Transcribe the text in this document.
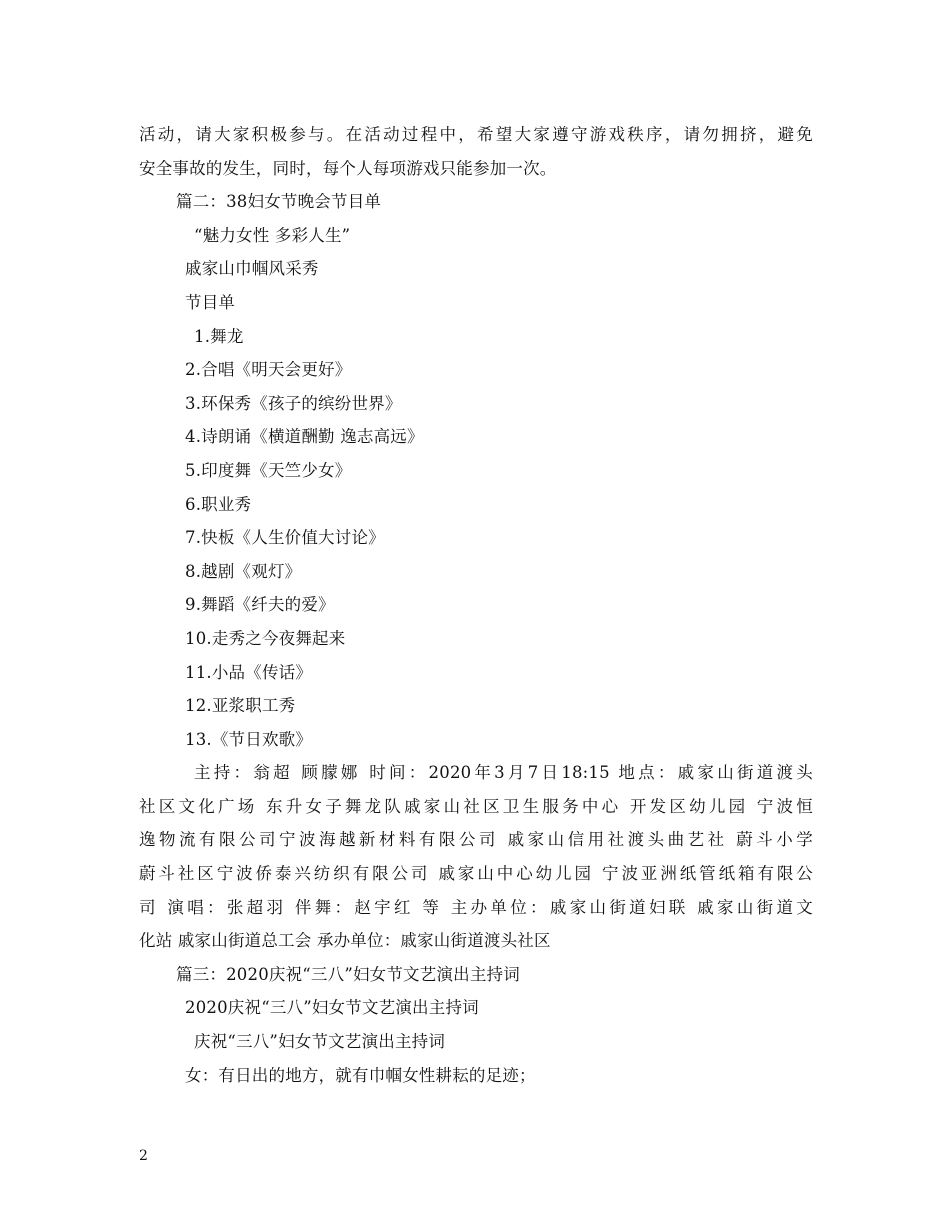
活动，请大家积极参与。在活动过程中，希望大家遵守游戏秩序，请勿拥挤，避免
安全事故的发生，同时，每个人每项游戏只能参加一次。
篇二：38妇女节晚会节目单
“魅力女性 多彩人生”
戚家山巾帼风采秀
节目单
1.舞龙
2.合唱《明天会更好》
3.环保秀《孩子的缤纷世界》
4.诗朗诵《横道酬勤 逸志高远》
5.印度舞《天竺少女》
6.职业秀
7.快板《人生价值大讨论》
8.越剧《观灯》
9.舞蹈《纤夫的爱》
10.走秀之今夜舞起来
11.小品《传话》
12.亚浆职工秀
13.《节日欢歌》
主持：翁超 顾朦娜 时间：2020年3月7日18:15 地点：戚家山街道渡头
社区文化广场 东升女子舞龙队戚家山社区卫生服务中心 开发区幼儿园 宁波恒
逸物流有限公司宁波海越新材料有限公司 戚家山信用社渡头曲艺社 蔚斗小学
蔚斗社区宁波侨泰兴纺织有限公司 戚家山中心幼儿园 宁波亚洲纸管纸箱有限公
司 演唱：张超羽 伴舞：赵宇红 等 主办单位：戚家山街道妇联 戚家山街道文
化站 戚家山街道总工会 承办单位：戚家山街道渡头社区
篇三：2020庆祝“三八”妇女节文艺演出主持词
2020庆祝“三八”妇女节文艺演出主持词
庆祝“三八”妇女节文艺演出主持词
女：有日出的地方，就有巾帼女性耕耘的足迹；
2
